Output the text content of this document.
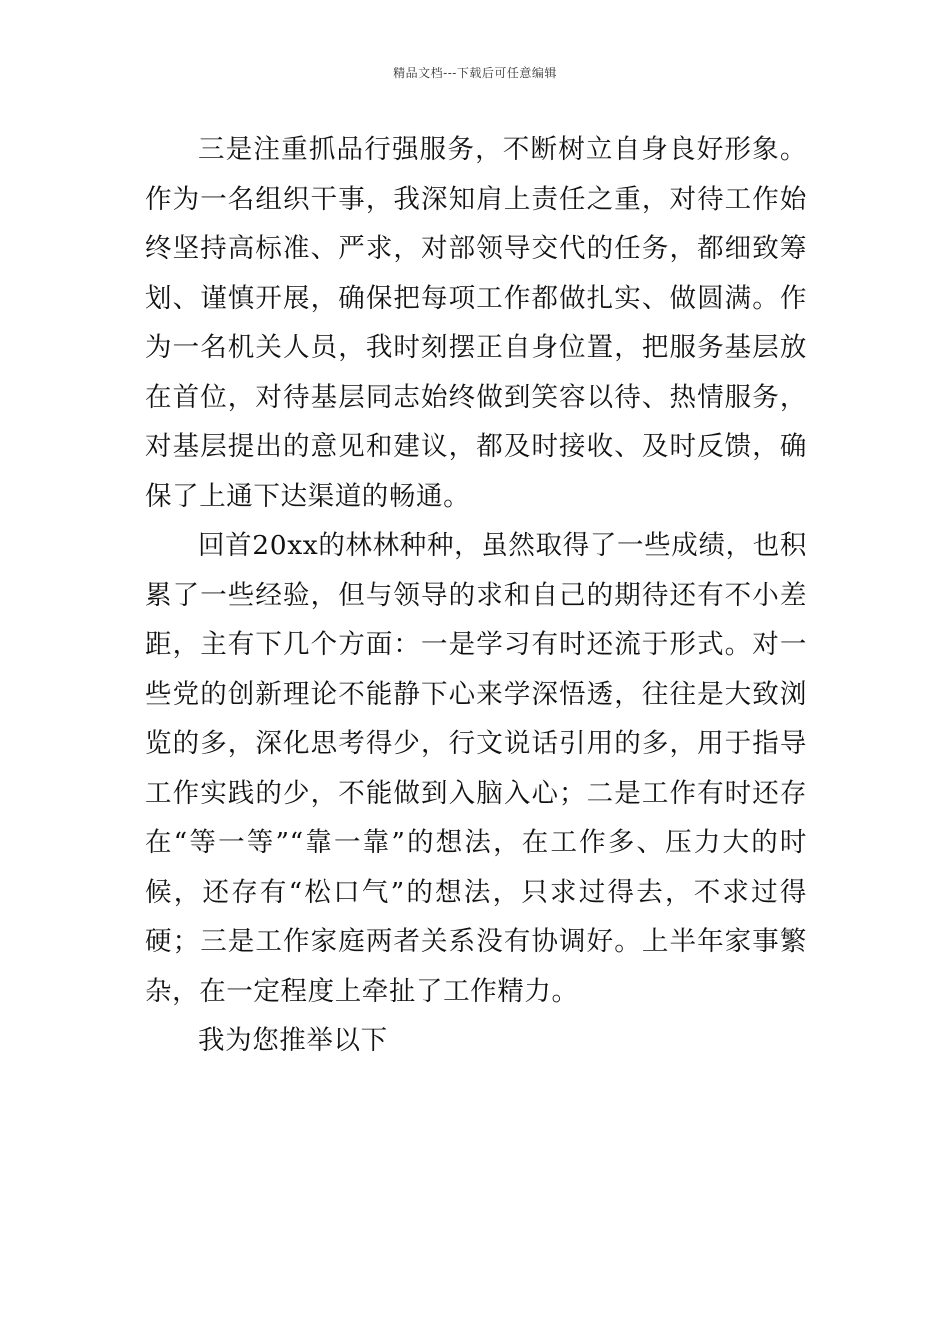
精品文档---下载后可任意编辑

三是注重抓品行强服务，不断树立自身良好形象。作为一名组织干事，我深知肩上责任之重，对待工作始终坚持高标准、严求，对部领导交代的任务，都细致筹划、谨慎开展，确保把每项工作都做扎实、做圆满。作为一名机关人员，我时刻摆正自身位置，把服务基层放在首位，对待基层同志始终做到笑容以待、热情服务，对基层提出的意见和建议，都及时接收、及时反馈，确保了上通下达渠道的畅通。

回首20xx的林林种种，虽然取得了一些成绩，也积累了一些经验，但与领导的求和自己的期待还有不小差距，主有下几个方面：一是学习有时还流于形式。对一些党的创新理论不能静下心来学深悟透，往往是大致浏览的多，深化思考得少，行文说话引用的多，用于指导工作实践的少，不能做到入脑入心；二是工作有时还存在“等一等”“靠一靠”的想法，在工作多、压力大的时候，还存有“松口气”的想法，只求过得去，不求过得硬；三是工作家庭两者关系没有协调好。上半年家事繁杂，在一定程度上牵扯了工作精力。

我为您推举以下
